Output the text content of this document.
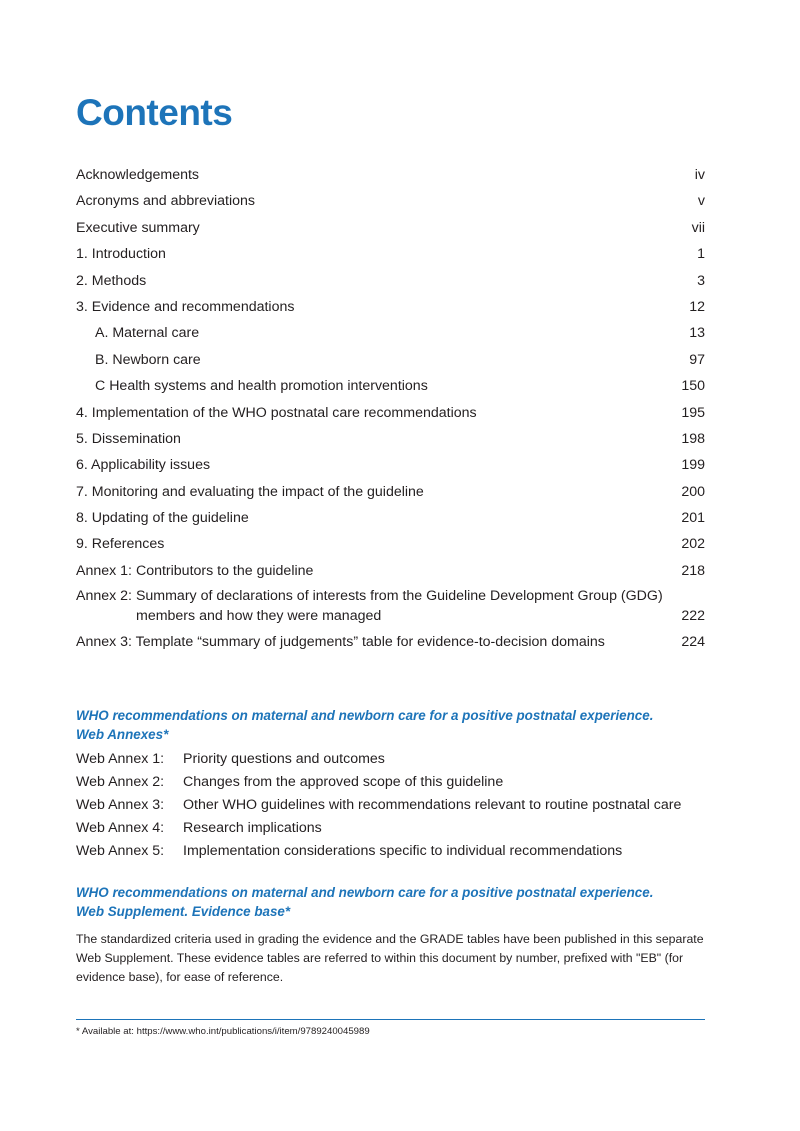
Contents
Acknowledgements	iv
Acronyms and abbreviations	v
Executive summary	vii
1. Introduction	1
2. Methods	3
3. Evidence and recommendations	12
A. Maternal care	13
B. Newborn care	97
C Health systems and health promotion interventions	150
4. Implementation of the WHO postnatal care recommendations	195
5. Dissemination	198
6. Applicability issues	199
7. Monitoring and evaluating the impact of the guideline	200
8. Updating of the guideline	201
9. References	202
Annex 1: Contributors to the guideline	218
Annex 2: Summary of declarations of interests from the Guideline Development Group (GDG)
members and how they were managed	222
Annex 3: Template “summary of judgements” table for evidence-to-decision domains	224

WHO recommendations on maternal and newborn care for a positive postnatal experience. Web Annexes*

Web Annex 1: Priority questions and outcomes
Web Annex 2: Changes from the approved scope of this guideline
Web Annex 3: Other WHO guidelines with recommendations relevant to routine postnatal care
Web Annex 4: Research implications
Web Annex 5: Implementation considerations specific to individual recommendations

WHO recommendations on maternal and newborn care for a positive postnatal experience. Web Supplement. Evidence base*

The standardized criteria used in grading the evidence and the GRADE tables have been published in this separate Web Supplement. These evidence tables are referred to within this document by number, prefixed with "EB" (for evidence base), for ease of reference.

* Available at: https://www.who.int/publications/i/item/9789240045989
